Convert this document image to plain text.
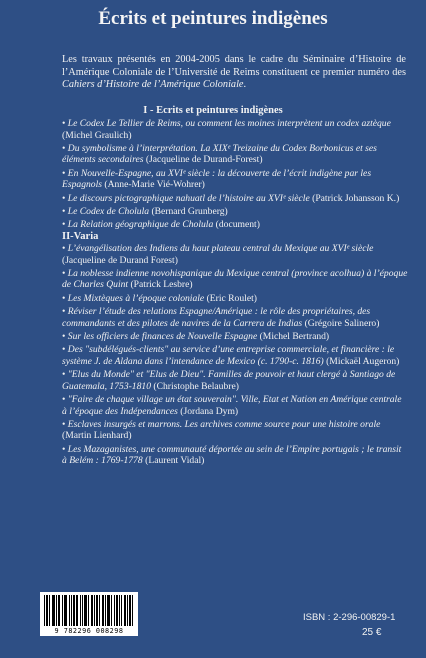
Écrits et peintures indigènes
Les travaux présentés en 2004-2005 dans le cadre du Séminaire d’Histoire de l’Amérique Coloniale de l’Université de Reims constituent ce premier numéro des Cahiers d’Histoire de l’Amérique Coloniale.
I - Ecrits et peintures indigènes
• Le Codex Le Tellier de Reims, ou comment les moines interprètent un codex aztèque (Michel Graulich)
• Du symbolisme à l’interprétation. La XIXᵉ Treizaine du Codex Borbonicus et ses éléments secondaires (Jacqueline de Durand-Forest)
• En Nouvelle-Espagne, au XVIᵉ siècle : la découverte de l’écrit indigène par les Espagnols (Anne-Marie Vié-Wohrer)
• Le discours pictographique nahuatl de l’histoire au XVIᵉ siècle (Patrick Johansson K.)
• Le Codex de Cholula (Bernard Grunberg)
• La Relation géographique de Cholula (document)
II-Varia
• L’évangélisation des Indiens du haut plateau central du Mexique au XVIᵉ siècle (Jacqueline de Durand Forest)
• La noblesse indienne novohispanique du Mexique central (province acolhua) à l’époque de Charles Quint (Patrick Lesbre)
• Les Mixtèques à l’époque coloniale (Eric Roulet)
• Réviser l’étude des relations Espagne/Amérique : le rôle des propriétaires, des commandants et des pilotes de navires de la Carrera de Indias (Grégoire Salinero)
• Sur les officiers de finances de Nouvelle Espagne (Michel Bertrand)
• Des "subdélégués-clients" au service d’une entreprise commerciale, et financière : le système J. de Aldana dans l’intendance de Mexico (c. 1790-c. 1816) (Mickaël Augeron)
• "Elus du Monde" et "Elus de Dieu". Familles de pouvoir et haut clergé à Santiago de Guatemala, 1753-1810 (Christophe Belaubre)
• "Faire de chaque village un état souverain". Ville, Etat et Nation en Amérique centrale à l’époque des Indépendances (Jordana Dym)
• Esclaves insurgés et marrons. Les archives comme source pour une histoire orale (Martin Lienhard)
• Les Mazaganistes, une communauté déportée au sein de l’Empire portugais ; le transit à Belém : 1769-1778 (Laurent Vidal)
9 782296 008298
ISBN : 2-296-00829-1
25 €
